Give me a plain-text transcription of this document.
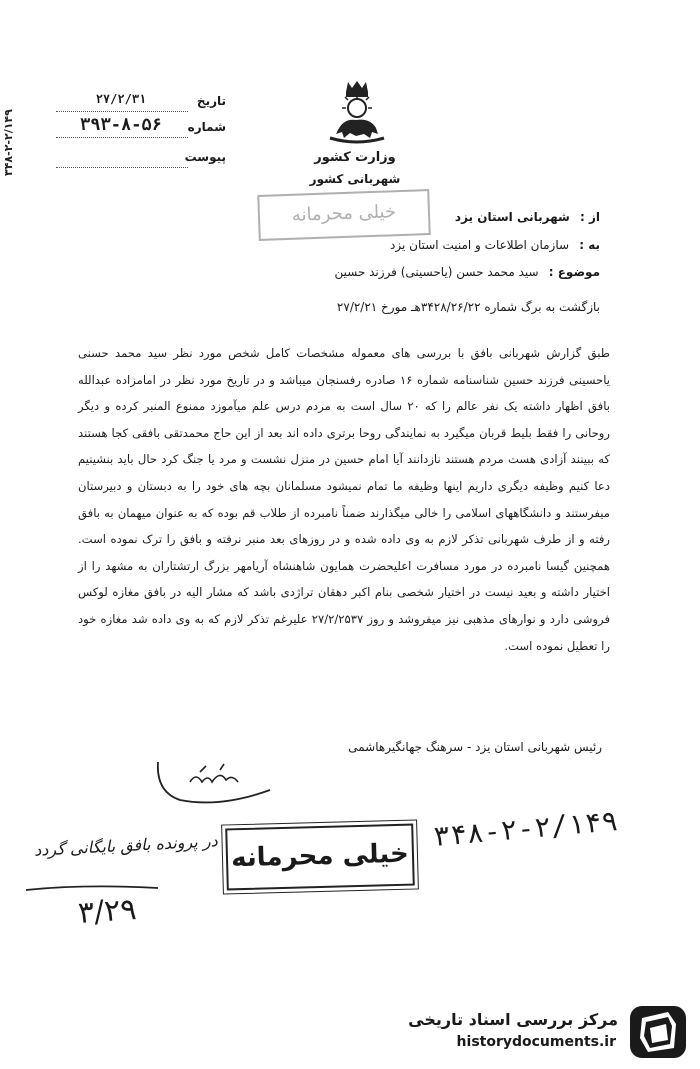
۳۴۸-۲-۲/۱۴۹
تاریخ
۲۷/۲/۳۱
شماره
۳۹۳-۸-۵۶
پیوست	وزارت کشور
شهربانی کشور
خیلی محرمانه	از : شهربانی استان یزد
به : سازمان اطلاعات و امنیت استان یزد
موضوع : سید محمد حسن (یاحسینی) فرزند حسین
بازگشت به برگ شماره ۳۴۲۸/۲۶/۲۲هـ مورخ ۲۷/۲/۲۱
طبق گزارش شهربانی بافق با بررسی های معموله مشخصات کامل شخص مورد نظر سید محمد حسنی یاحسینی فرزند حسین شناسنامه شماره ۱۶ صادره رفسنجان میباشد و در تاریخ مورد نظر در امامزاده عبدالله بافق اظهار داشته یک نفر عالم را که ۲۰ سال است به مردم درس علم میآموزد ممنوع المنبر کرده و دیگر روحانی را فقط بلیط قربان میگیرد به نمایندگی روحا برتری داده اند بعد از این حاج محمدتقی بافقی کجا هستند که ببینند آزادی هست مردم هستند نازدانند آیا امام حسین در منزل نشست و مرد یا جنگ کرد حال باید بنشینیم دعا کنیم وظیفه دیگری داریم اینها وظیفه ما تمام نمیشود مسلمانان بچه های خود را به دبستان و دبیرستان میفرستند و دانشگاههای اسلامی را خالی میگذارند ضمناً نامبرده از طلاب قم بوده که به عنوان میهمان به بافق رفته و از طرف شهربانی تذکر لازم به وی داده شده و در روزهای بعد منبر نرفته و بافق را ترک نموده است. همچنین گیسا نامبرده در مورد مسافرت اعلیحضرت همایون شاهنشاه آریامهر بزرگ ارتشتاران به مشهد را از اختیار داشته و بعید نیست در اختیار شخصی بنام اکبر دهقان تراژدی باشد که مشار الیه در بافق مغازه لوکس فروشی دارد و نوارهای مذهبی نیز میفروشد و روز ۲۷/۲/۲۵۳۷ علیرغم تذکر لازم که به وی داده شد مغازه خود را تعطیل نموده است.
رئیس شهربانی استان یزد - سرهنگ جهانگیرهاشمی
خیلی محرمانه
۳۴۸-۲-۲/۱۴۹
در پرونده بافق بایگانی گردد
۳/۲۹
مرکز بررسی اسناد تاریخی
historydocuments.ir
